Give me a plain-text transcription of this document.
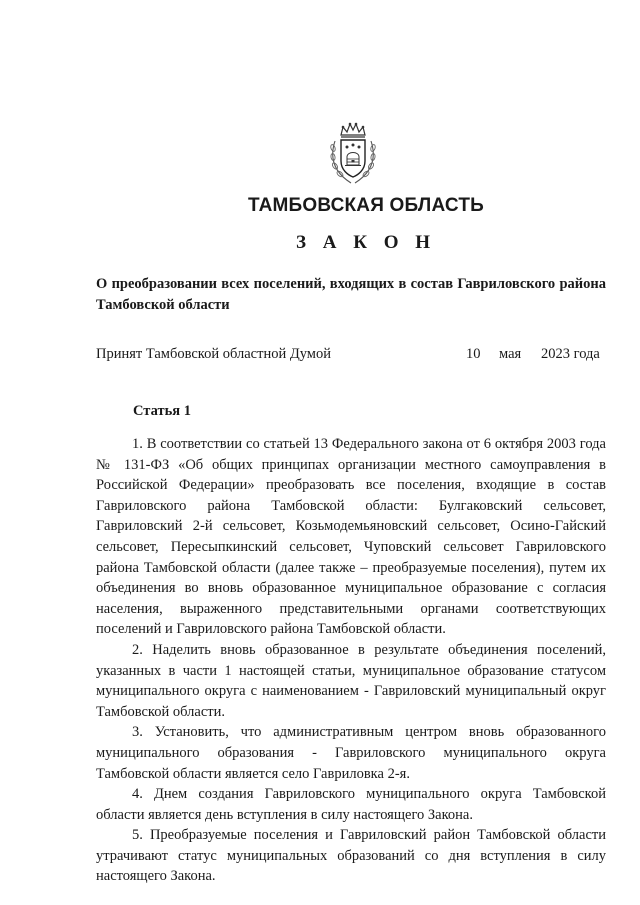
ТАМБОВСКАЯ ОБЛАСТЬ
З А К О Н
О преобразовании всех поселений, входящих в состав Гавриловского района Тамбовской области
Принят Тамбовской областной Думой	10 мая 2023 года
Статья 1

1. В соответствии со статьей 13 Федерального закона от 6 октября 2003 года № 131-ФЗ «Об общих принципах организации местного самоуправления в Российской Федерации» преобразовать все поселения, входящие в состав Гавриловского района Тамбовской области: Булгаковский сельсовет, Гавриловский 2-й сельсовет, Козьмодемьяновский сельсовет, Осино-Гайский сельсовет, Пересыпкинский сельсовет, Чуповский сельсовет Гавриловского района Тамбовской области (далее также – преобразуемые поселения), путем их объединения во вновь образованное муниципальное образование с согласия населения, выраженного представительными органами соответствующих поселений и Гавриловского района Тамбовской области.

2. Наделить вновь образованное в результате объединения поселений, указанных в части 1 настоящей статьи, муниципальное образование статусом муниципального округа с наименованием - Гавриловский муниципальный округ Тамбовской области.

3. Установить, что административным центром вновь образованного муниципального образования - Гавриловского муниципального округа Тамбовской области является село Гавриловка 2-я.

4. Днем создания Гавриловского муниципального округа Тамбовской области является день вступления в силу настоящего Закона.

5. Преобразуемые поселения и Гавриловский район Тамбовской области утрачивают статус муниципальных образований со дня вступления в силу настоящего Закона.
